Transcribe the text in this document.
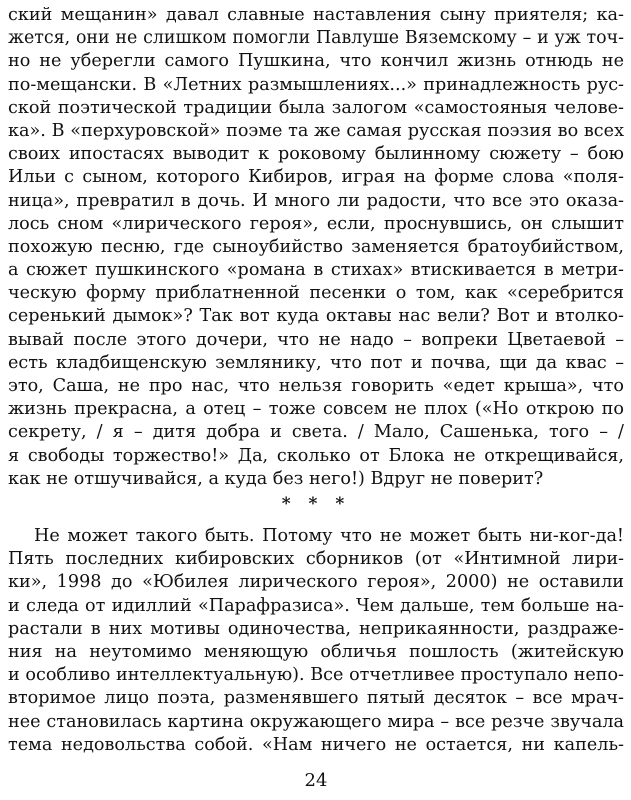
ский мещанин» давал славные наставления сыну приятеля; ка-
жется, они не слишком помогли Павлуше Вяземскому – и уж точ-
но не уберегли самого Пушкина, что кончил жизнь отнюдь не
по-мещански. В «Летних размышлениях...» принадлежность рус-
ской поэтической традиции была залогом «самостояныя челове-
ка». В «перхуровской» поэме та же самая русская поэзия во всех
своих ипостасях выводит к роковому былинному сюжету – бою
Ильи с сыном, которого Кибиров, играя на форме слова «поля-
ница», превратил в дочь. И много ли радости, что все это оказа-
лось сном «лирического героя», если, проснувшись, он слышит
похожую песню, где сыноубийство заменяется братоубийством,
а сюжет пушкинского «романа в стихах» втискивается в метри-
ческую форму приблатненной песенки о том, как «серебрится
серенький дымок»? Так вот куда октавы нас вели? Вот и втолко-
вывай после этого дочери, что не надо – вопреки Цветаевой –
есть кладбищенскую землянику, что пот и почва, щи да квас –
это, Саша, не про нас, что нельзя говорить «едет крыша», что
жизнь прекрасна, а отец – тоже совсем не плох («Но открою по
секрету, / я – дитя добра и света. / Мало, Сашенька, того – /
я свободы торжество!» Да, сколько от Блока не открещивайся,
как не отшучивайся, а куда без него!) Вдруг не поверит?
* * *
Не может такого быть. Потому что не может быть ни-ког-да!
Пять последних кибировских сборников (от «Интимной лири-
ки», 1998 до «Юбилея лирического героя», 2000) не оставили
и следа от идиллий «Парафразиса». Чем дальше, тем больше на-
растали в них мотивы одиночества, неприкаянности, раздраже-
ния на неутомимо меняющую обличья пошлость (житейскую
и особливо интеллектуальную). Все отчетливее проступало непо-
вторимое лицо поэта, разменявшего пятый десяток – все мрач-
нее становилась картина окружающего мира – все резче звучала
тема недовольства собой. «Нам ничего не остается, ни капель-
24
